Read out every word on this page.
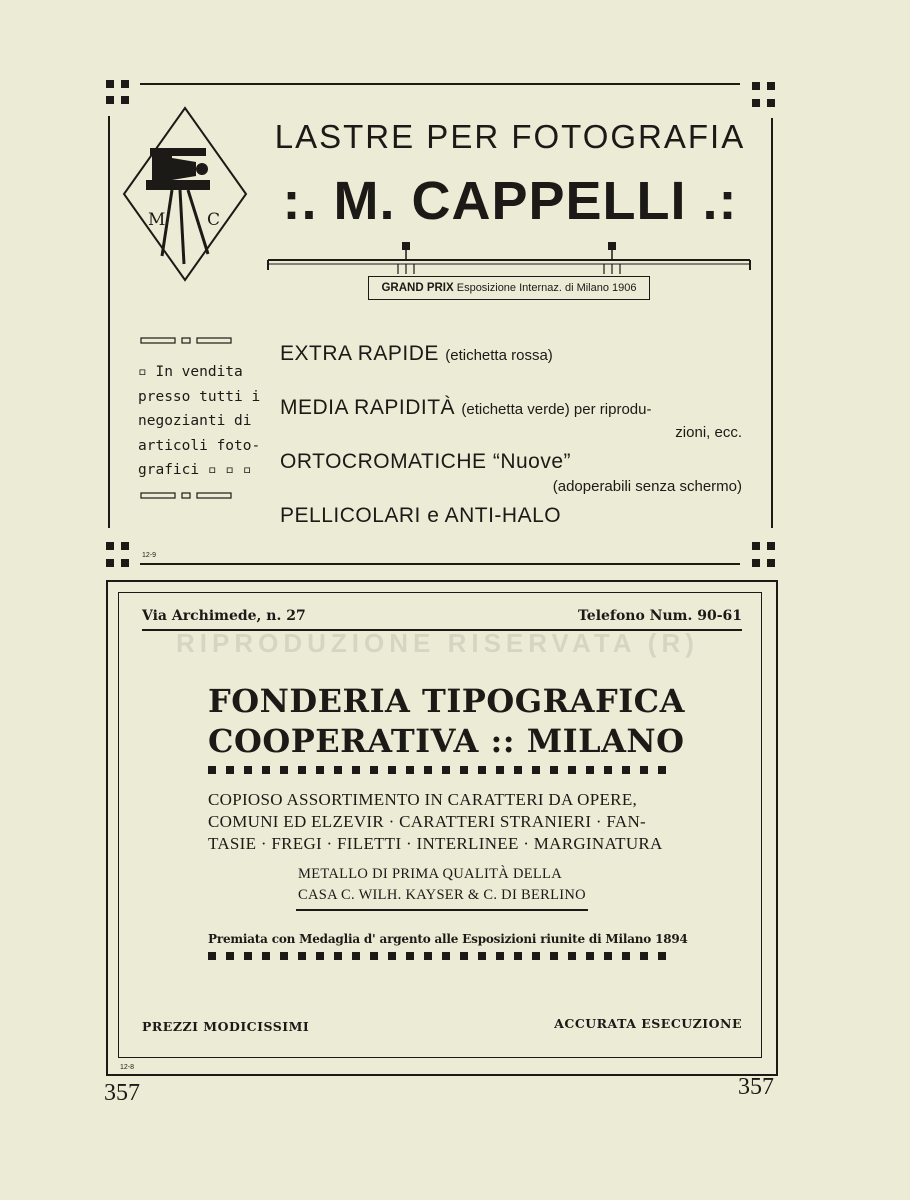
M C
LASTRE PER FOTOGRAFIA
:. M. CAPPELLI .:
GRAND PRIX Esposizione Internaz. di Milano 1906
▫ In vendita
presso tutti i
negozianti di
articoli foto-
grafici ▫ ▫ ▫
EXTRA RAPIDE (etichetta rossa)
MEDIA RAPIDITÀ (etichetta verde) per riprodu-
zioni, ecc.
ORTOCROMATICHE “Nuove”
(adoperabili senza schermo)
PELLICOLARI e ANTI-HALO
12-9
Via Archimede, n. 27	Telefono Num. 90-61
RIPRODUZIONE RISERVATA (R)
FONDERIA TIPOGRAFICA
COOPERATIVA :: MILANO
COPIOSO ASSORTIMENTO IN CARATTERI DA OPERE,
COMUNI ED ELZEVIR · CARATTERI STRANIERI · FAN-
TASIE · FREGI · FILETTI · INTERLINEE · MARGINATURA
METALLO DI PRIMA QUALITÀ DELLA
CASA C. WILH. KAYSER & C. DI BERLINO
Premiata con Medaglia d' argento alle Esposizioni riunite di Milano 1894
PREZZI MODICISSIMI	ACCURATA ESECUZIONE
12-8
357	357
